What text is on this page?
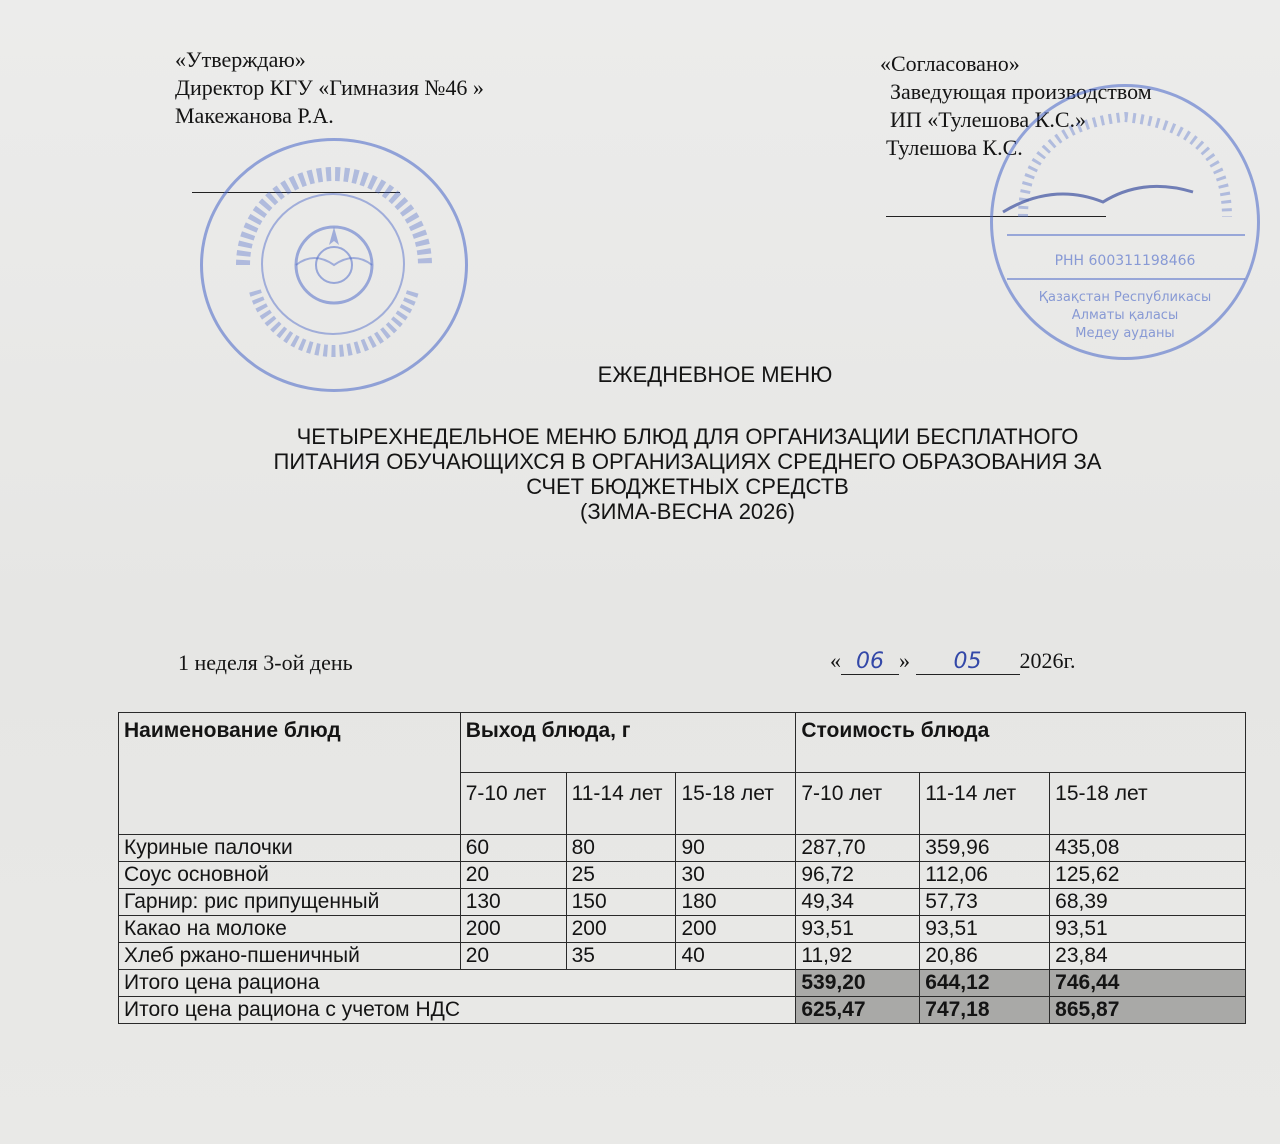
«Утверждаю»
Директор КГУ «Гимназия №46 »
Макежанова Р.А.
«Согласовано»
Заведующая производством
ИП «Тулешова К.С.»
Тулешова К.С.
РНН 600311198466
Қазақстан Республикасы
Алматы қаласы
Медеу ауданы
ЕЖЕДНЕВНОЕ МЕНЮ
ЧЕТЫРЕХНЕДЕЛЬНОЕ МЕНЮ БЛЮД ДЛЯ ОРГАНИЗАЦИИ БЕСПЛАТНОГО
ПИТАНИЯ ОБУЧАЮЩИХСЯ В ОРГАНИЗАЦИЯХ СРЕДНЕГО ОБРАЗОВАНИЯ ЗА
СЧЕТ БЮДЖЕТНЫХ СРЕДСТВ
(ЗИМА-ВЕСНА 2026)
1 неделя 3-ой день	« 06 » 05 2026г.
Наименование блюд	Выход блюда, г			Стоимость блюда		
	7-10 лет	11-14 лет	15-18 лет	7-10 лет	11-14 лет	15-18 лет
Куриные палочки	60	80	90	287,70	359,96	435,08
Соус основной	20	25	30	96,72	112,06	125,62
Гарнир: рис припущенный	130	150	180	49,34	57,73	68,39
Какао на молоке	200	200	200	93,51	93,51	93,51
Хлеб ржано-пшеничный	20	35	40	11,92	20,86	23,84
Итого цена рациона				539,20	644,12	746,44
Итого цена рациона с учетом НДС				625,47	747,18	865,87
